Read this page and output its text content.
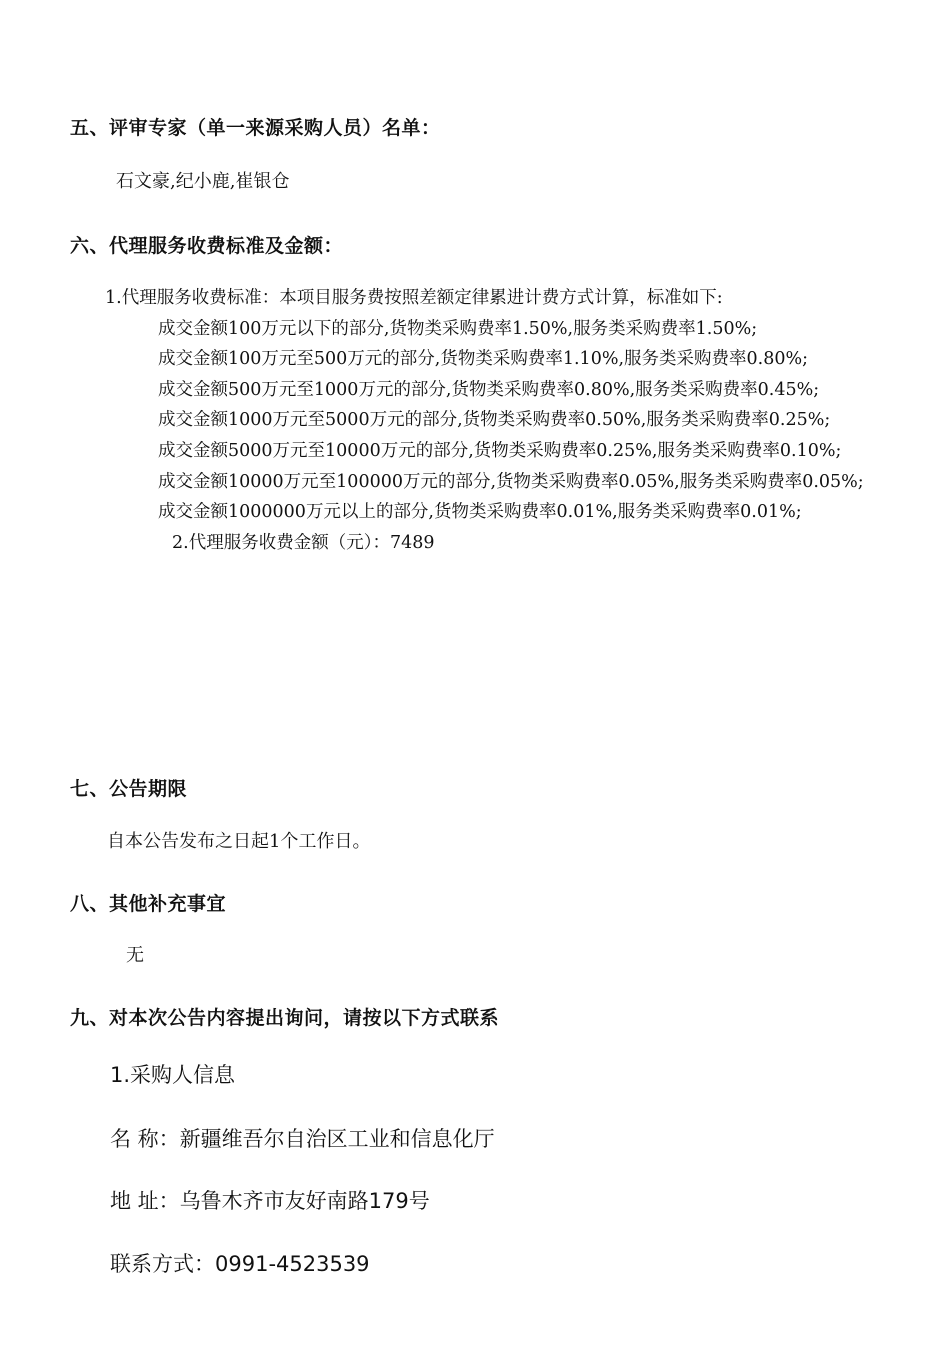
五、评审专家（单一来源采购人员）名单：

石文豪,纪小鹿,崔银仓

六、代理服务收费标准及金额：

1.代理服务收费标准：本项目服务费按照差额定律累进计费方式计算，标准如下:

成交金额100万元以下的部分,货物类采购费率1.50%,服务类采购费率1.50%;

成交金额100万元至500万元的部分,货物类采购费率1.10%,服务类采购费率0.80%;

成交金额500万元至1000万元的部分,货物类采购费率0.80%,服务类采购费率0.45%;

成交金额1000万元至5000万元的部分,货物类采购费率0.50%,服务类采购费率0.25%;

成交金额5000万元至10000万元的部分,货物类采购费率0.25%,服务类采购费率0.10%;

成交金额10000万元至100000万元的部分,货物类采购费率0.05%,服务类采购费率0.05%;

成交金额1000000万元以上的部分,货物类采购费率0.01%,服务类采购费率0.01%;

2.代理服务收费金额（元）：7489

七、公告期限

自本公告发布之日起1个工作日。

八、其他补充事宜

无

九、对本次公告内容提出询问，请按以下方式联系

1.采购人信息

名 称：新疆维吾尔自治区工业和信息化厅

地 址：乌鲁木齐市友好南路179号

联系方式：0991-4523539
